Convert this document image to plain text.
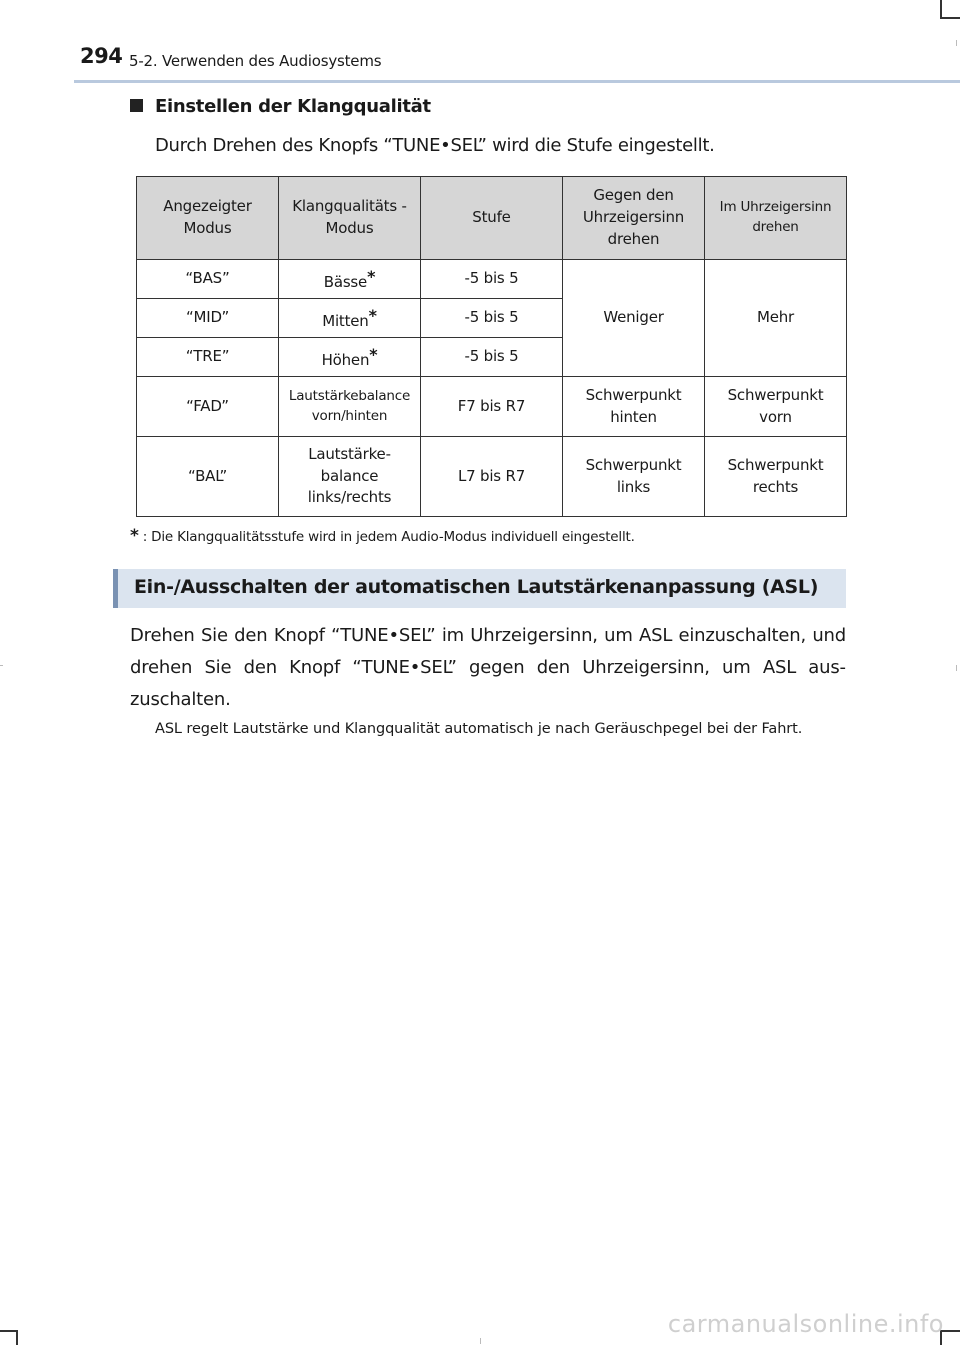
294 5-2. Verwenden des Audiosystems
Einstellen der Klangqualität
Durch Drehen des Knopfs “TUNE•SEL” wird die Stufe eingestellt.
Angezeigter Modus	Klangqualitäts -Modus	Stufe	Gegen den Uhrzeigersinn drehen	Im Uhrzeigersinn drehen
“BAS”	Bässe*	-5 bis 5	Weniger	Mehr
“MID”	Mitten*	-5 bis 5		
“TRE”	Höhen*	-5 bis 5		
“FAD”	Lautstärkebalance vorn/hinten	F7 bis R7	Schwerpunkt hinten	Schwerpunkt vorn
“BAL”	Lautstärke- balance links/rechts	L7 bis R7	Schwerpunkt links	Schwerpunkt rechts
* : Die Klangqualitätsstufe wird in jedem Audio-Modus individuell eingestellt.
Ein-/Ausschalten der automatischen Lautstärkenanpassung (ASL)
Drehen Sie den Knopf “TUNE•SEL” im Uhrzeigersinn, um ASL einzuschalten, und drehen Sie den Knopf “TUNE•SEL” gegen den Uhrzeigersinn, um ASL auszuschalten.
ASL regelt Lautstärke und Klangqualität automatisch je nach Geräuschpegel bei der Fahrt.
carmanualsonline.info
